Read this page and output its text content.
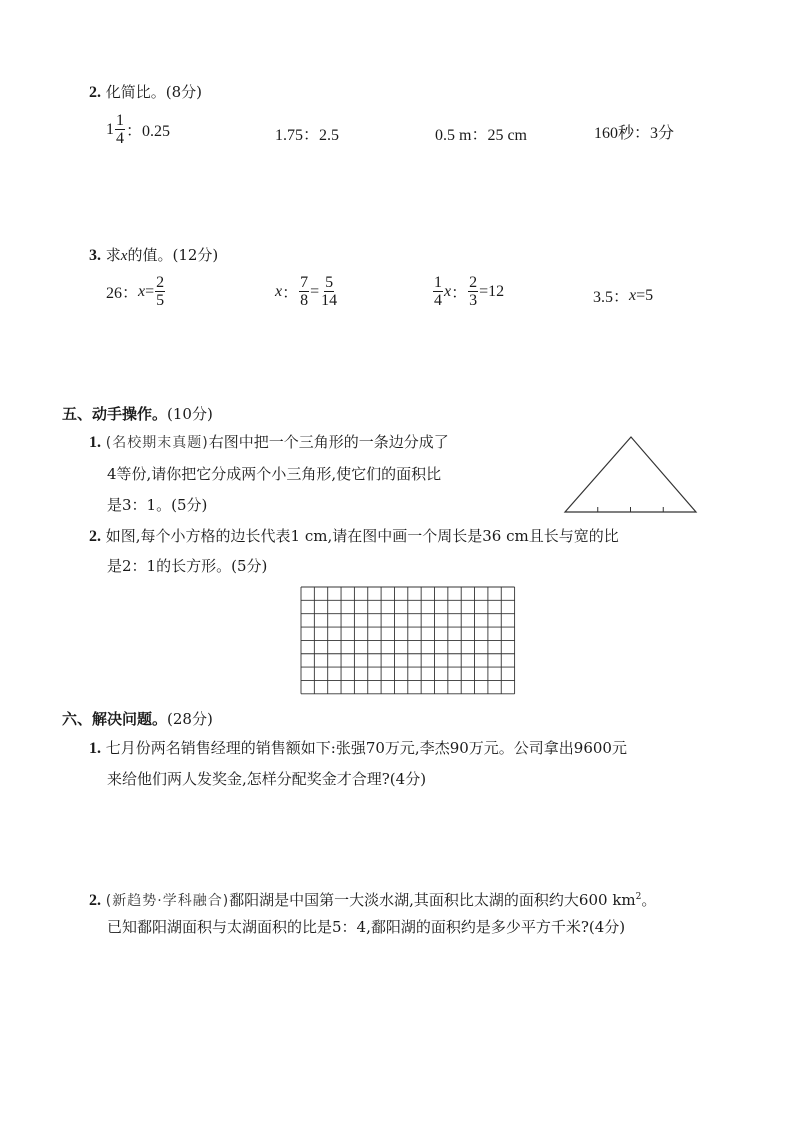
2. 化简比。(8分)
$1 \frac{1}{4}$ ：0.25	1.75：2.5	0.5 m：25 cm	160秒：3分
3. 求x的值。(12分)
26： $x = \frac{2}{5}$	x ： $\frac{7}{8} = \frac{5}{14}$	$\frac{1}{4}$ x ： $\frac{2}{3} =12$	3.5： x =5
五、动手操作。(10分)
1. (名校期末真题)右图中把一个三角形的一条边分成了
4等份,请你把它分成两个小三角形,使它们的面积比
是3：1。(5分)
2. 如图,每个小方格的边长代表1 cm,请在图中画一个周长是36 cm且长与宽的比
是2：1的长方形。(5分)
六、解决问题。(28分)
1. 七月份两名销售经理的销售额如下:张强70万元,李杰90万元。公司拿出9600元
来给他们两人发奖金,怎样分配奖金才合理?(4分)
2. (新趋势·学科融合)鄱阳湖是中国第一大淡水湖,其面积比太湖的面积约大600 $km^2$。
已知鄱阳湖面积与太湖面积的比是5：4,鄱阳湖的面积约是多少平方千米?(4分)
